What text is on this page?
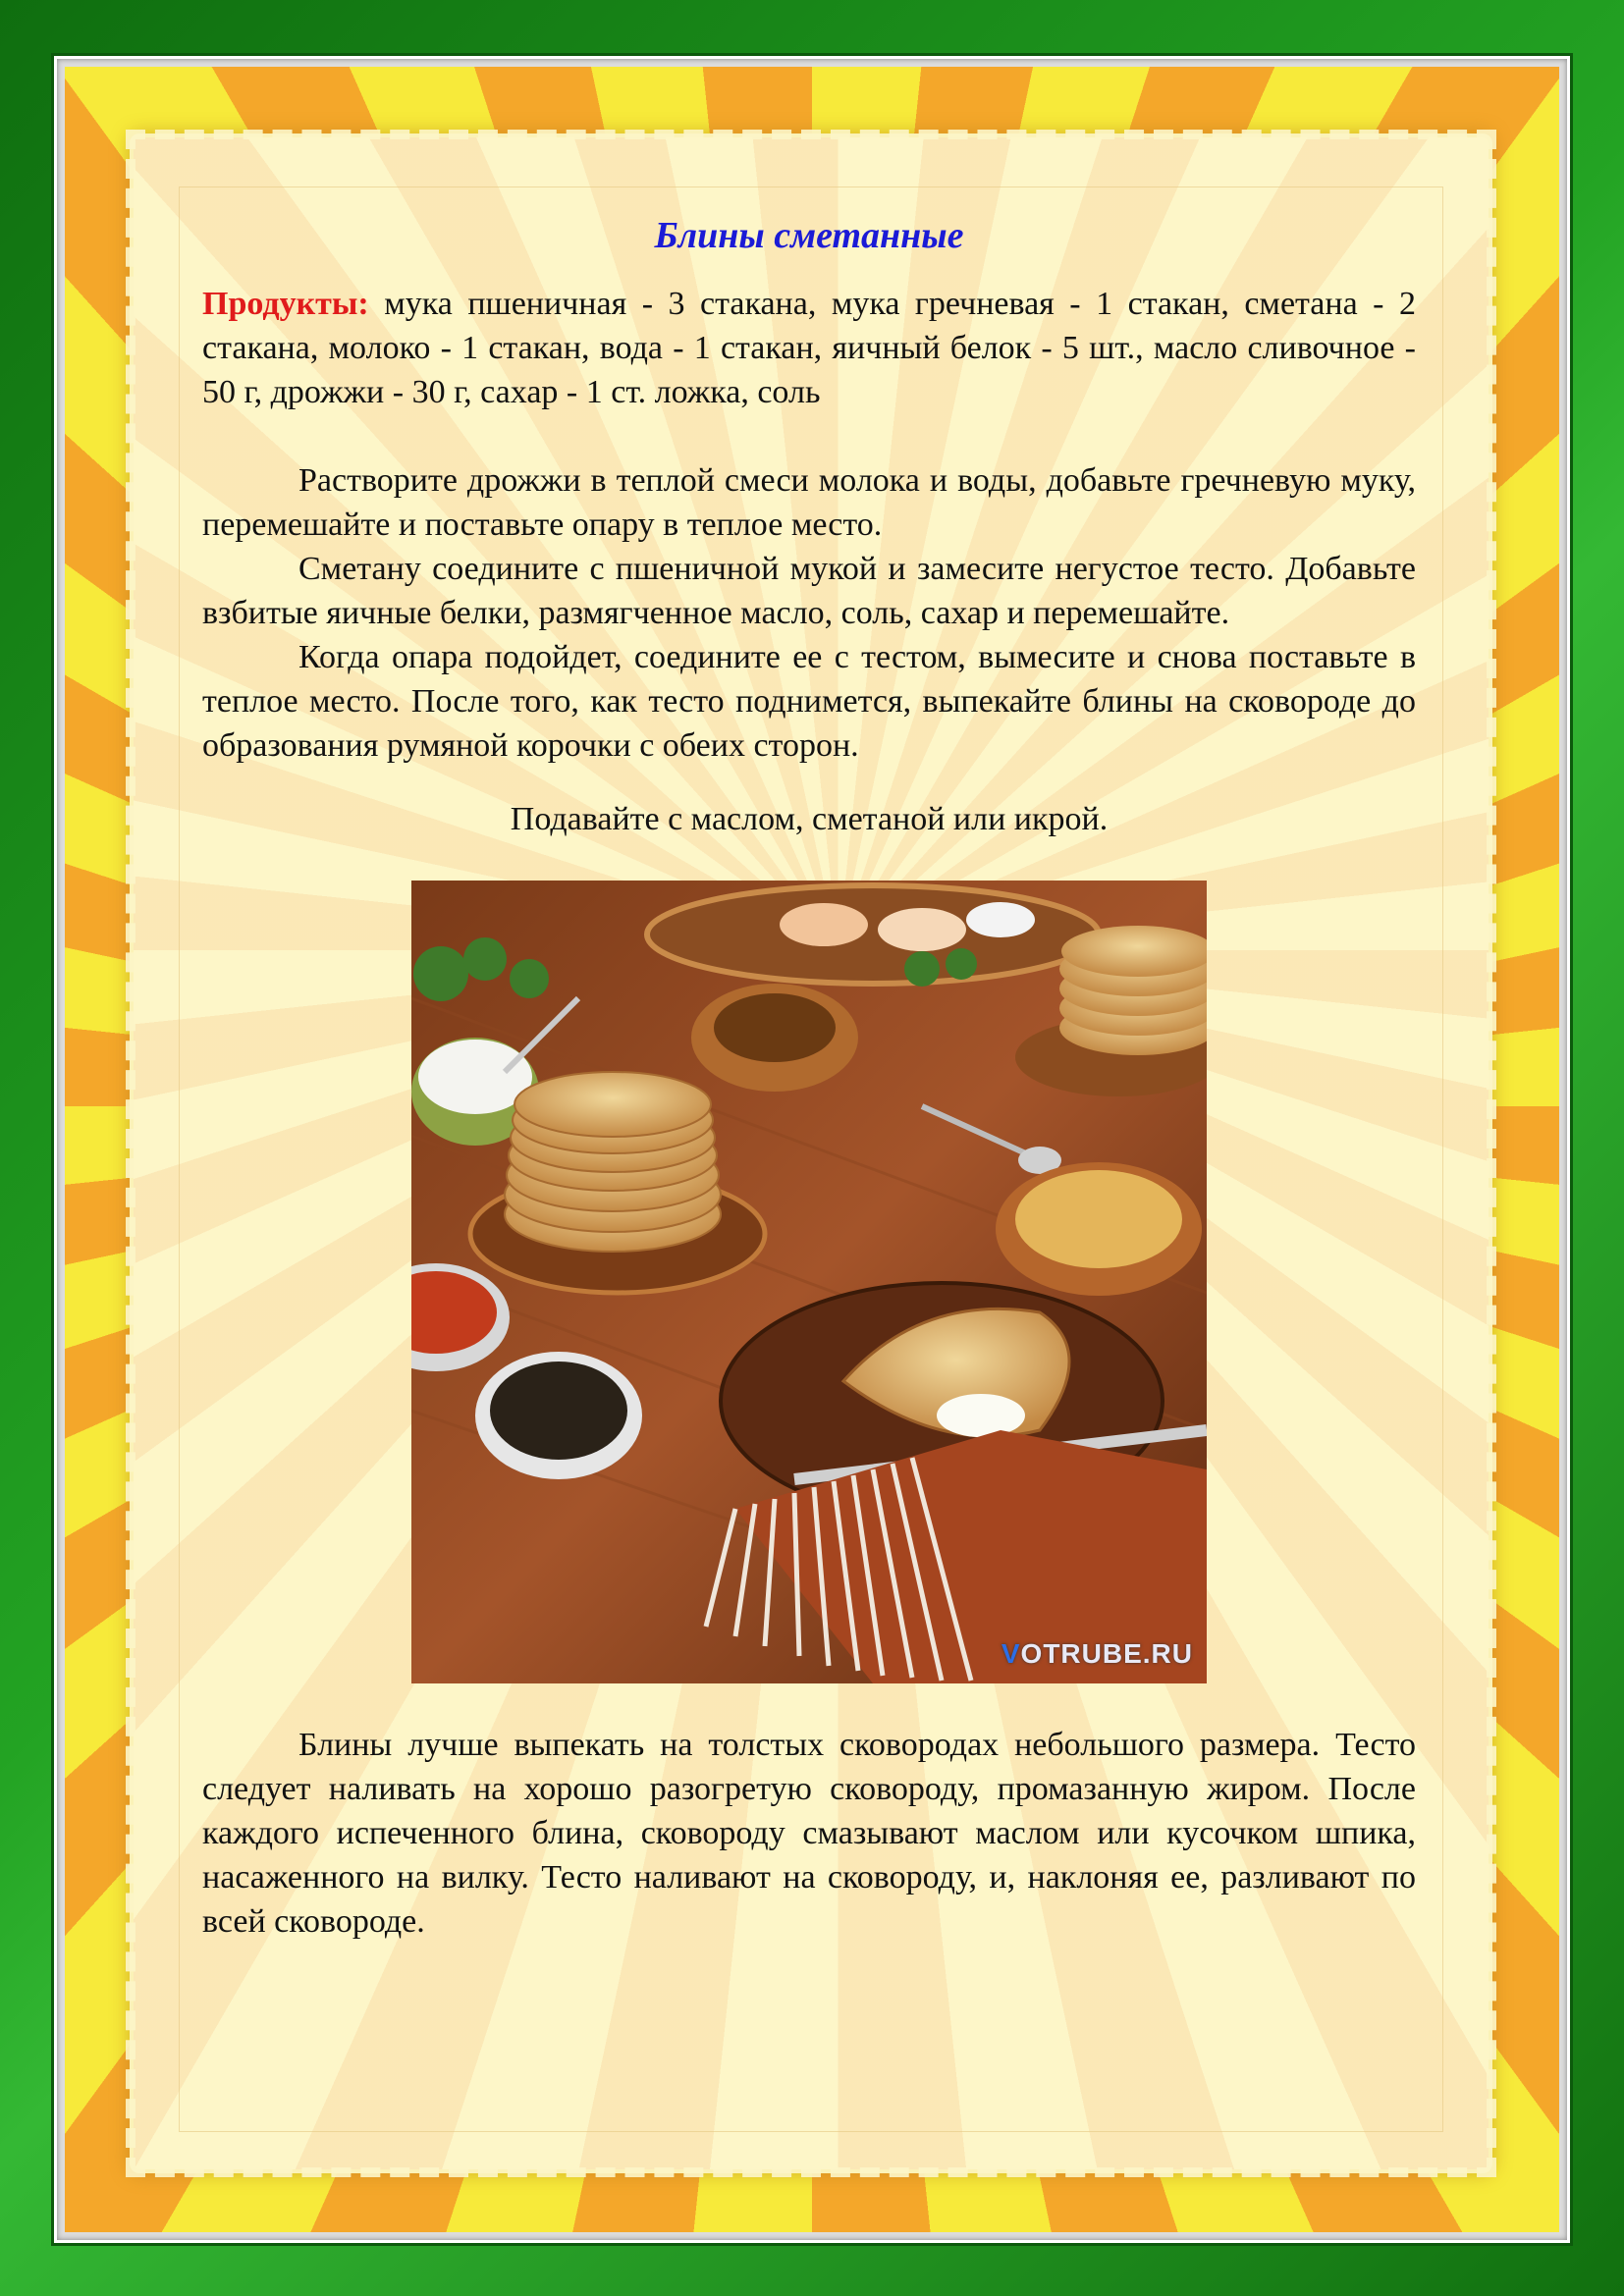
Блины сметанные

Продукты: мука пшеничная - 3 стакана, мука гречневая - 1 стакан, сметана - 2 стакана, молоко - 1 стакан, вода - 1 стакан, яичный белок - 5 шт., масло сливочное - 50 г, дрожжи - 30 г, сахар - 1 ст. ложка, соль

Растворите дрожжи в теплой смеси молока и воды, добавьте гречневую муку, перемешайте и поставьте опару в теплое место.

Сметану соедините с пшеничной мукой и замесите негустое тесто. Добавьте взбитые яичные белки, размягченное масло, соль, сахар и перемешайте.

Когда опара подойдет, соедините ее с тестом, вымесите и снова поставьте в теплое место. После того, как тесто поднимется, выпекайте блины на сковороде до образования румяной корочки с обеих сторон.

Подавайте с маслом, сметаной или икрой.

VOTRUBE.RU

Блины лучше выпекать на толстых сковородах небольшого размера. Тесто следует наливать на хорошо разогретую сковороду, промазанную жиром. После каждого испеченного блина, сковороду смазывают маслом или кусочком шпика, насаженного на вилку. Тесто наливают на сковороду, и, наклоняя ее, разливают по всей сковороде.
